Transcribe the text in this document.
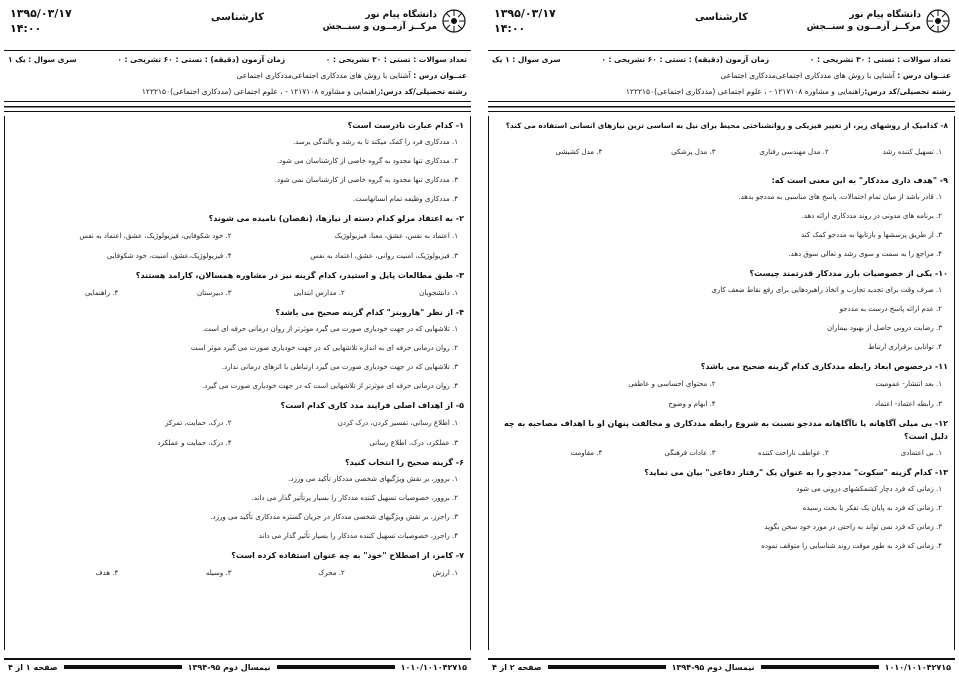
دانشگاه پیام نور
مرکــز آزمــون و سنــجش
کارشناسی
۱۳۹۵/۰۳/۱۷
۱۴:۰۰
تعداد سوالات : تستی : ۳۰ تشریحی : ۰
زمان آزمون (دقیقه) : تستی : ۶۰ تشریحی : ۰
سری سوال : یک ۱
عنــوان درس : آشنایی با روش های مددکاری اجتماعی‌مددکاری اجتماعی
رشته تحصیلی/کد درس:راهنمایی و مشاوره ۱۲۱۷۱۰۸ - ، علوم اجتماعی (مددکاری اجتماعی)۱۲۲۲۱۵۰
۱- کدام عبارت نادرست است؟
۱. مددکاری فرد را کمک میکند تا به رشد و بالندگی برسد.
۲. مددکاری تنها محدود به گروه خاصی از کارشناسان می شود.
۳. مددکاری تنها محدود به گروه خاصی از کارشناسان نمی شود.
۴. مددکاری وظیفه تمام انسانهاست.
۲- به اعتقاد مزلو کدام دسته از نیازها، (نقصان) نامیده می شوند؟
۱. اعتماد به نفس، عشق، معنا، فیزیولوژیک
۲. خود شکوفایی، فیزیولوژیک، عشق، اعتماد به نفس
۳. فیزیولوژیک، امنیت روانی، عشق، اعتماد به نفس
۴. فیزیولوژیک،عشق، امنیت، خود شکوفایی
۳- طبق مطالعات پایل و استیدر، کدام گزینه نیز در مشاوره همسالان، کارامد هستند؟
۱. دانشجویان
۲. مدارس ابتدایی
۳. دبیرستان
۴. راهنمایی
۴- از نظر "هاروبنز" کدام گزینه صحیح می باشد؟
۱. تلاشهایی که در جهت خودیاری صورت می گیرد موثرتر از روان درمانی حرفه ای است.
۲. روان درمانی حرفه ای به اندازه تلاشهایی که در جهت خودیاری صورت می گیرد موثر است
۳. تلاشهایی که در جهت خودیاری صورت می گیرد ارتباطی با اثرهای درمانی ندارد.
۴. روان درمانی حرفه ای موثرتر از تلاشهایی است که در جهت خودیاری صورت می گیرد.
۵- از اهداف اصلی فرایند مدد کاری کدام است؟
۱. اطلاع رسانی، تفسیر کردن، درک کردن
۲. درک، حمایت، تمرکز
۳. عملکرد، درک، اطلاع رسانی
۴. درک، حمایت و عملکرد
۶- گزینه صحیح را انتخاب کنید؟
۱. بروور، بر نقش ویژگیهای شخصی مددکار تأکید می ورزد.
۲. بروور، خصوصیات تسهیل کننده مددکار را بسیار پرتأثیر گذار می داند.
۳. راجرز، بر نقش ویژگیهای شخصی مددکار در جریان گستره مددکاری تأکید می ورزد.
۴. راجرز، خصوصیات تسهیل کننده مددکار را بسیار تأثیر گذار می داند
۷- کامز، از اصطلاح "خود" به چه عنوان استفاده کرده است؟
۱. ارزش
۲. محرک
۳. وسیله
۴. هدف
۱۰۱۰/۱۰۱۰۴۲۷۱۵
نیمسال دوم ۹۵-۱۳۹۴
صفحه ۱ از ۴
دانشگاه پیام نور
مرکــز آزمــون و سنــجش
کارشناسی
۱۳۹۵/۰۳/۱۷
۱۴:۰۰
تعداد سوالات : تستی : ۳۰ تشریحی : ۰
زمان آزمون (دقیقه) : تستی : ۶۰ تشریحی : ۰
سری سوال : ۱ یک
عنــوان درس : آشنایی با روش های مددکاری اجتماعی‌مددکاری اجتماعی
رشته تحصیلی/کد درس:راهنمایی و مشاوره ۱۲۱۷۱۰۸ - ، علوم اجتماعی (مددکاری اجتماعی)۱۲۲۲۱۵۰
۸- کدامیک از روشهای زیر، از تغییر فیزیکی و روانشناختی محیط برای نیل به اساسی ترین نیازهای انسانی استفاده می کند؟
۱. تسهیل کننده رشد
۲. مدل مهندسی رفتاری
۳. مدل پزشکی
۴. مدل کشیشی
۹- "هدف داری مددکار" به این معنی است که:
۱. قادر باشد از میان تمام احتمالات، پاسخ های مناسبی به مددجو بدهد.
۲. برنامه های مدونی در روند مددکاری ارائه دهد.
۳. از طریق پرسشها و بازتابها به مددجو کمک کند
۴. مراجع را به سمت و سوی رشد و تعالی سوق دهد.
۱۰- یکی از خصوصیات بارز مددکار قدرتمند چیست؟
۱. صرف وقت برای تجدید تجارب و اتخاذ راهبردهایی برای رفع نقاط ضعف کاری
۲. عدم ارائه پاسخ درست به مددجو
۳. رضایت درونی حاصل از بهبود بیماران
۴. توانایی برقراری ارتباط
۱۱- درخصوص ابعاد رابطه مددکاری کدام گزینه صحیح می باشد؟
۱. بعد انتشار- عمومیت
۲. محتوای احساسی و عاطفی
۳. رابطه اعتماد- اعتماد
۴. ابهام و وضوح
۱۲- بی میلی آگاهانه یا ناآگاهانه مددجو نسبت به شروع رابطه مددکاری و مخالفت پنهان او با اهداف مصاحبه به چه دلیل است؟
۱. بی اعتمادی
۲. عواطف ناراحت کننده
۳. عادات فرهنگی
۴. مقاومت
۱۳- کدام گزینه "سکوت" مددجو را به عنوان یک "رفتار دفاعی" بیان می نماید؟
۱. زمانی که فرد دچار کشمکشهای درونی می شود
۲. زمانی که فرد به پایان یک تفکر یا بحث رسیده
۳. زمانی که فرد نمی تواند به راحتی در مورد خود سخن بگوید
۴. زمانی که فرد به طور موقت روند شناسایی را متوقف نموده
۱۰۱۰/۱۰۱۰۴۲۷۱۵
نیمسال دوم ۹۵-۱۳۹۴
صفحه ۲ از ۴
